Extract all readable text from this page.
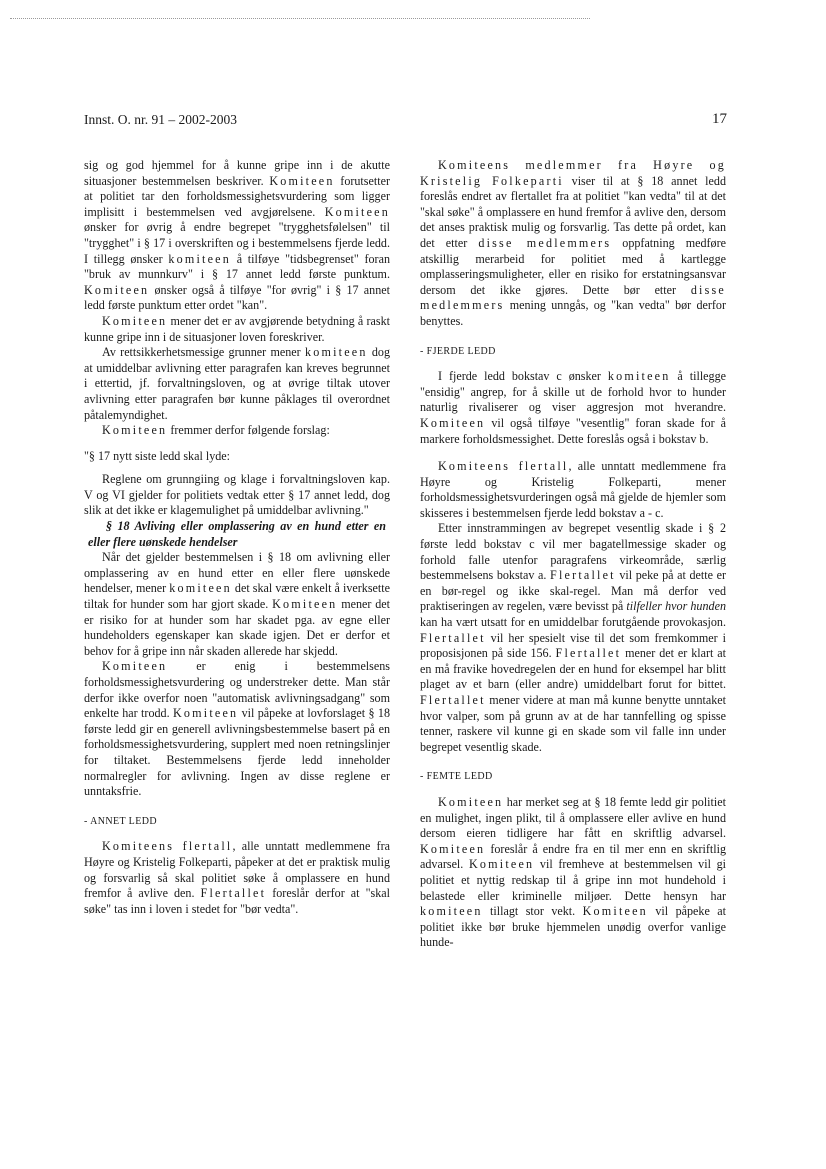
Innst. O. nr. 91 – 2002-2003	17

sig og god hjemmel for å kunne gripe inn i de akutte situasjoner bestemmelsen beskriver. Komiteen forutsetter at politiet tar den forholdsmessighetsvurdering som ligger implisitt i bestemmelsen ved avgjørelsene. Komiteen ønsker for øvrig å endre begrepet "trygghetsfølelsen" til "trygghet" i § 17 i overskriften og i bestemmelsens fjerde ledd. I tillegg ønsker komiteen å tilføye "tidsbegrenset" foran "bruk av munnkurv" i § 17 annet ledd første punktum. Komiteen ønsker også å tilføye "for øvrig" i § 17 annet ledd første punktum etter ordet "kan".

Komiteen mener det er av avgjørende betydning å raskt kunne gripe inn i de situasjoner loven foreskriver.

Av rettsikkerhetsmessige grunner mener komiteen dog at umiddelbar avlivning etter paragrafen kan kreves begrunnet i ettertid, jf. forvaltningsloven, og at øvrige tiltak utover avlivning etter paragrafen bør kunne påklages til overordnet påtalemyndighet.

Komiteen fremmer derfor følgende forslag:

"§ 17 nytt siste ledd skal lyde:

Reglene om grunngiing og klage i forvaltningsloven kap. V og VI gjelder for politiets vedtak etter § 17 annet ledd, dog slik at det ikke er klagemulighet på umiddelbar avlivning."

§ 18 Avliving eller omplassering av en hund etter en eller flere uønskede hendelser

Når det gjelder bestemmelsen i § 18 om avlivning eller omplassering av en hund etter en eller flere uønskede hendelser, mener komiteen det skal være enkelt å iverksette tiltak for hunder som har gjort skade. Komiteen mener det er risiko for at hunder som har skadet pga. av egne eller hundeholders egenskaper kan skade igjen. Det er derfor et behov for å gripe inn når skaden allerede har skjedd.

Komiteen er enig i bestemmelsens forholdsmessighetsvurdering og understreker dette. Man står derfor ikke overfor noen "automatisk avlivningsadgang" som enkelte har trodd. Komiteen vil påpeke at lovforslaget § 18 første ledd gir en generell avlivningsbestemmelse basert på en forholdsmessighetsvurdering, supplert med noen retningslinjer for tiltaket. Bestemmelsens fjerde ledd inneholder normalregler for avlivning. Ingen av disse reglene er unntaksfrie.

- ANNET LEDD

Komiteens flertall, alle unntatt medlemmene fra Høyre og Kristelig Folkeparti, påpeker at det er praktisk mulig og forsvarlig så skal politiet søke å omplassere en hund fremfor å avlive den. Flertallet foreslår derfor at "skal søke" tas inn i loven i stedet for "bør vedta".

Komiteens medlemmer fra Høyre og Kristelig Folkeparti viser til at § 18 annet ledd foreslås endret av flertallet fra at politiet "kan vedta" til at det "skal søke" å omplassere en hund fremfor å avlive den, dersom det anses praktisk mulig og forsvarlig. Tas dette på ordet, kan det etter disse medlemmers oppfatning medføre atskillig merarbeid for politiet med å kartlegge omplasseringsmuligheter, eller en risiko for erstatningsansvar dersom det ikke gjøres. Dette bør etter disse medlemmers mening unngås, og "kan vedta" bør derfor benyttes.

- FJERDE LEDD

I fjerde ledd bokstav c ønsker komiteen å tillegge "ensidig" angrep, for å skille ut de forhold hvor to hunder naturlig rivaliserer og viser aggresjon mot hverandre. Komiteen vil også tilføye "vesentlig" foran skade for å markere forholdsmessighet. Dette foreslås også i bokstav b.

Komiteens flertall, alle unntatt medlemmene fra Høyre og Kristelig Folkeparti, mener forholdsmessighetsvurderingen også må gjelde de hjemler som skisseres i bestemmelsen fjerde ledd bokstav a - c.

Etter innstrammingen av begrepet vesentlig skade i § 2 første ledd bokstav c vil mer bagatellmessige skader og forhold falle utenfor paragrafens virkeområde, særlig bestemmelsens bokstav a. Flertallet vil peke på at dette er en bør-regel og ikke skal-regel. Man må derfor ved praktiseringen av regelen, være bevisst på tilfeller hvor hunden kan ha vært utsatt for en umiddelbar forutgående provokasjon. Flertallet vil her spesielt vise til det som fremkommer i proposisjonen på side 156. Flertallet mener det er klart at en må fravike hovedregelen der en hund for eksempel har blitt plaget av et barn (eller andre) umiddelbart forut for bittet. Flertallet mener videre at man må kunne benytte unntaket hvor valper, som på grunn av at de har tannfelling og spisse tenner, raskere vil kunne gi en skade som vil falle inn under begrepet vesentlig skade.

- FEMTE LEDD

Komiteen har merket seg at § 18 femte ledd gir politiet en mulighet, ingen plikt, til å omplassere eller avlive en hund dersom eieren tidligere har fått en skriftlig advarsel. Komiteen foreslår å endre fra en til mer enn en skriftlig advarsel. Komiteen vil fremheve at bestemmelsen vil gi politiet et nyttig redskap til å gripe inn mot hundehold i belastede eller kriminelle miljøer. Dette hensyn har komiteen tillagt stor vekt. Komiteen vil påpeke at politiet ikke bør bruke hjemmelen unødig overfor vanlige hunde-
